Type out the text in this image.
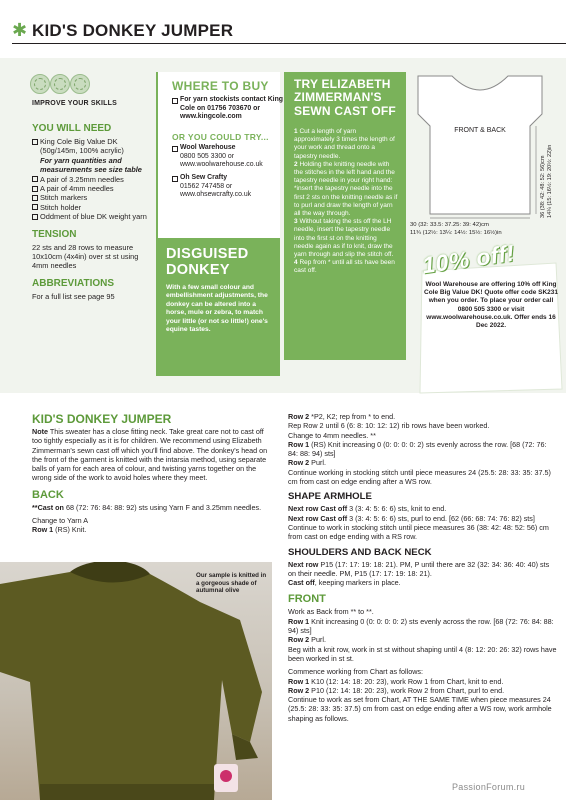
✱ KID'S DONKEY JUMPER
IMPROVE YOUR SKILLS
YOU WILL NEED
King Cole Big Value DK (50g/145m, 100% acrylic)
For yarn quantities and measurements see size table
A pair of 3.25mm needles
A pair of 4mm needles
Stitch markers
Stitch holder
Oddment of blue DK weight yarn
TENSION
22 sts and 28 rows to measure 10x10cm (4x4in) over st st using 4mm needles
ABBREVIATIONS
For a full list see page 95
WHERE TO BUY
For yarn stockists contact King Cole on 01756 703670 or www.kingcole.com
OR YOU COULD TRY...
Wool Warehouse
0800 505 3300 or
www.woolwarehouse.co.uk
Oh Sew Crafty
01562 747458 or
www.ohsewcrafty.co.uk
DISGUISED
DONKEY
With a few small colour and embellishment adjustments, the donkey can be altered into a horse, mule or zebra, to match your little (or not so little!) one's equine tastes.
TRY ELIZABETH ZIMMERMAN'S SEWN CAST OFF

1 Cut a length of yarn approximately 3 times the length of your work and thread onto a tapestry needle.

2 Holding the knitting needle with the stitches in the left hand and the tapestry needle in your right hand: *insert the tapestry needle into the first 2 sts on the knitting needle as if to purl and draw the length of yarn all the way through.

3 Without taking the sts off the LH needle, insert the tapestry needle into the first st on the knitting needle again as if to knit, draw the yarn through and slip the stitch off.

4 Rep from * until all sts have been cast off.

FRONT & BACK
36 (38: 42: 48: 52: 56)cm 14¼ (15: 16½: 19: 20½: 22)in
30 (32: 33.5: 37.25: 39: 42)cm
11¾ (12½: 13¼: 14½: 15½: 16½)in
10% off!
Wool Warehouse are offering 10% off King Cole Big Value DK! Quote offer code SK231 when you order. To place your order call 0800 505 3300 or visit www.woolwarehouse.co.uk. Offer ends 16 Dec 2022.
KID'S DONKEY JUMPER

Note This sweater has a close fitting neck. Take great care not to cast off too tightly especially as it is for children. We recommend using Elizabeth Zimmerman's sewn cast off which you'll find above. The donkey's head on the front of the garment is knitted with the intarsia method, using separate balls of yarn for each area of colour, and twisting yarns together on the wrong side of the work to avoid holes where they meet.

BACK

**Cast on 68 (72: 76: 84: 88: 92) sts using Yarn F and 3.25mm needles.

Change to Yarn A

Row 1 (RS) Knit.

Our sample is knitted in a gorgeous shade of autumnal olive

Row 2 *P2, K2; rep from * to end.

Rep Row 2 until 6 (6: 8: 10: 12: 12) rib rows have been worked.

Change to 4mm needles. **

Row 1 (RS) Knit increasing 0 (0: 0: 0: 0: 2) sts evenly across the row. [68 (72: 76: 84: 88: 94) sts]

Row 2 Purl.

Continue working in stocking stitch until piece measures 24 (25.5: 28: 33: 35: 37.5) cm from cast on edge ending after a WS row.

SHAPE ARMHOLE

Next row Cast off 3 (3: 4: 5: 6: 6) sts, knit to end.

Next row Cast off 3 (3: 4: 5: 6: 6) sts, purl to end. [62 (66: 68: 74: 76: 82) sts]

Continue to work in stocking stitch until piece measures 36 (38: 42: 48: 52: 56) cm from cast on edge ending with a RS row.

SHOULDERS AND BACK NECK

Next row P15 (17: 17: 19: 18: 21). PM, P until there are 32 (32: 34: 36: 40: 40) sts on their needle. PM, P15 (17: 17: 19: 18: 21).

Cast off, keeping markers in place.

FRONT

Work as Back from ** to **.

Row 1 Knit increasing 0 (0: 0: 0: 0: 2) sts evenly across the row. [68 (72: 76: 84: 88: 94) sts]

Row 2 Purl.

Beg with a knit row, work in st st without shaping until 4 (8: 12: 20: 26: 32) rows have been worked in st st.

Commence working from Chart as follows:

Row 1 K10 (12: 14: 18: 20: 23), work Row 1 from Chart, knit to end.

Row 2 P10 (12: 14: 18: 20: 23), work Row 2 from Chart, purl to end.

Continue to work as set from Chart, AT THE SAME TIME when piece measures 24 (25.5: 28: 33: 35: 37.5) cm from cast on edge ending after a WS row, work armhole shaping as follows.

PassionForum.ru
